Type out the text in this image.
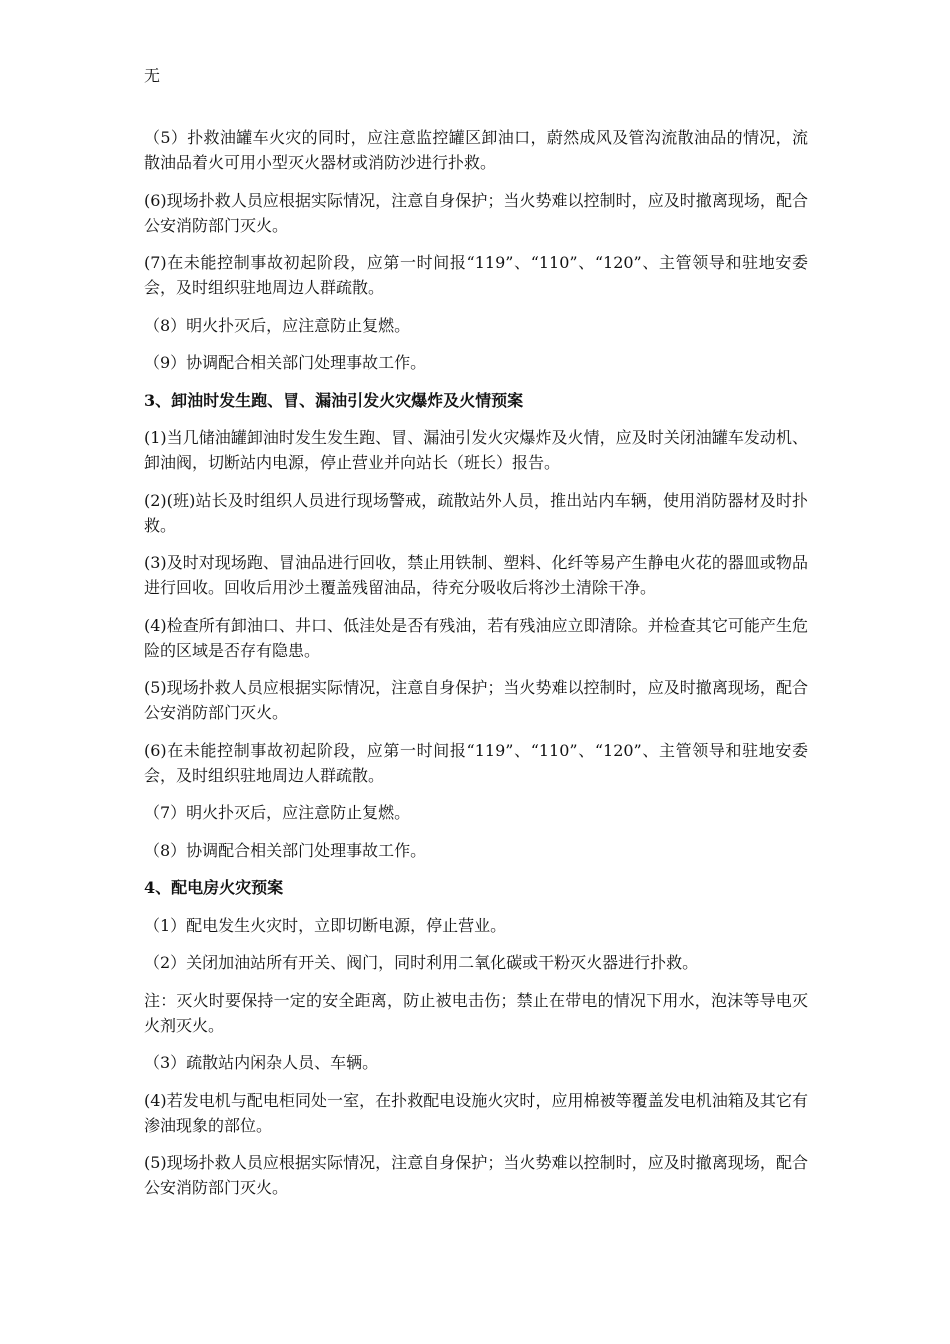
无

（5）扑救油罐车火灾的同时，应注意监控罐区卸油口，蔚然成风及管沟流散油品的情况，流散油品着火可用小型灭火器材或消防沙进行扑救。

(6)现场扑救人员应根据实际情况，注意自身保护；当火势难以控制时，应及时撤离现场，配合公安消防部门灭火。

(7)在未能控制事故初起阶段，应第一时间报“119”、“110”、“120”、主管领导和驻地安委会，及时组织驻地周边人群疏散。

（8）明火扑灭后，应注意防止复燃。

（9）协调配合相关部门处理事故工作。

3、卸油时发生跑、冒、漏油引发火灾爆炸及火情预案

(1)当几储油罐卸油时发生发生跑、冒、漏油引发火灾爆炸及火情，应及时关闭油罐车发动机、卸油阀，切断站内电源，停止营业并向站长（班长）报告。

(2)(班)站长及时组织人员进行现场警戒，疏散站外人员，推出站内车辆，使用消防器材及时扑救。

(3)及时对现场跑、冒油品进行回收，禁止用铁制、塑料、化纤等易产生静电火花的器皿或物品进行回收。回收后用沙土覆盖残留油品，待充分吸收后将沙土清除干净。

(4)检查所有卸油口、井口、低洼处是否有残油，若有残油应立即清除。并检查其它可能产生危险的区域是否存有隐患。

(5)现场扑救人员应根据实际情况，注意自身保护；当火势难以控制时，应及时撤离现场，配合公安消防部门灭火。

(6)在未能控制事故初起阶段，应第一时间报“119”、“110”、“120”、主管领导和驻地安委会，及时组织驻地周边人群疏散。

（7）明火扑灭后，应注意防止复燃。

（8）协调配合相关部门处理事故工作。

4、配电房火灾预案

（1）配电发生火灾时，立即切断电源，停止营业。

（2）关闭加油站所有开关、阀门，同时利用二氧化碳或干粉灭火器进行扑救。

注：灭火时要保持一定的安全距离，防止被电击伤；禁止在带电的情况下用水，泡沫等导电灭火剂灭火。

（3）疏散站内闲杂人员、车辆。

(4)若发电机与配电柜同处一室，在扑救配电设施火灾时，应用棉被等覆盖发电机油箱及其它有渗油现象的部位。

(5)现场扑救人员应根据实际情况，注意自身保护；当火势难以控制时，应及时撤离现场，配合公安消防部门灭火。
